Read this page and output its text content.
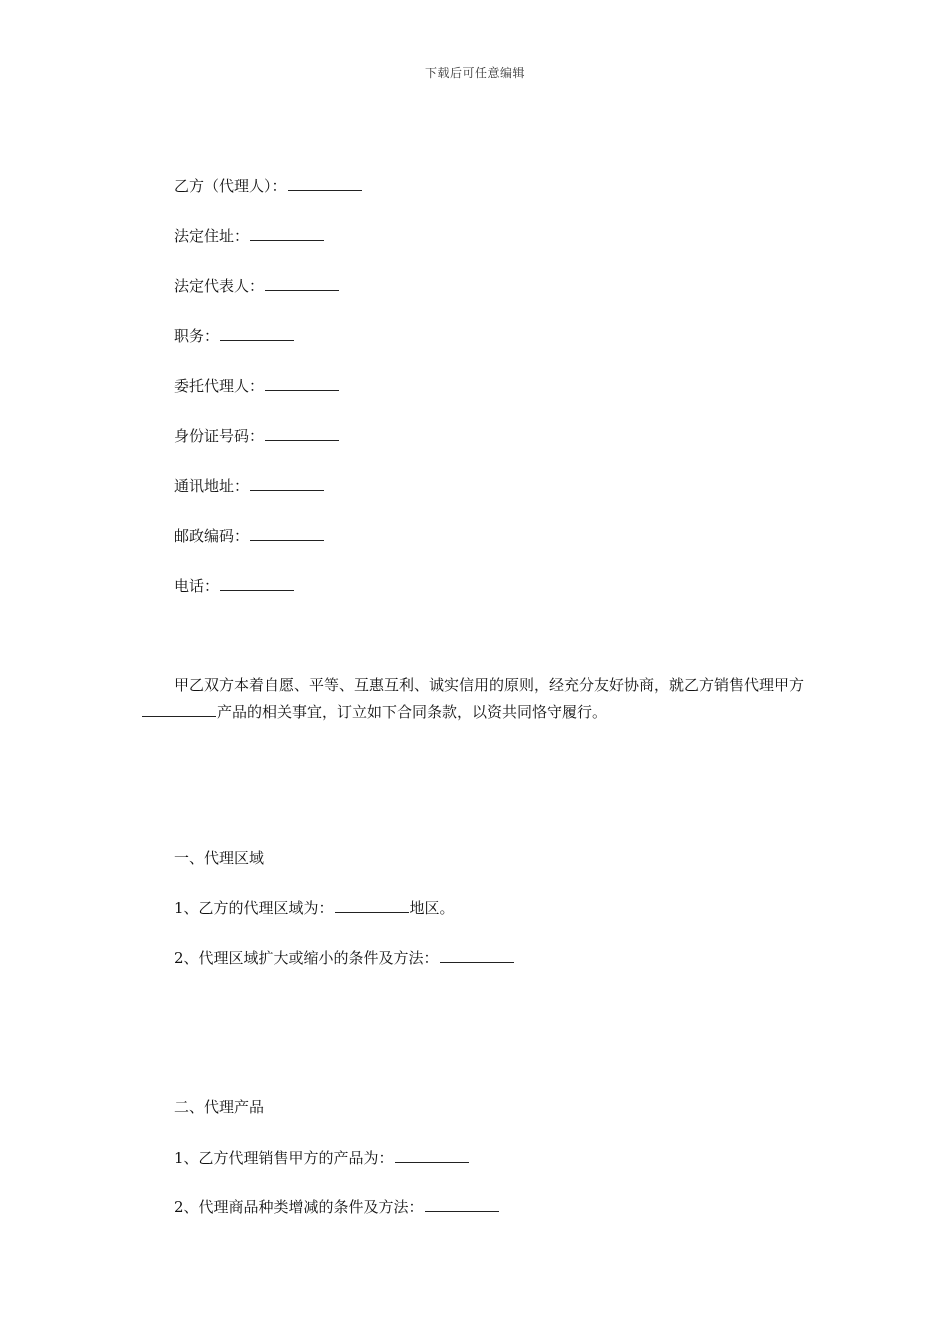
下载后可任意编辑
乙方（代理人）：
法定住址：
法定代表人：
职务：
委托代理人：
身份证号码：
通讯地址：
邮政编码：
电话：
甲乙双方本着自愿、平等、互惠互利、诚实信用的原则，经充分友好协商，就乙方销售代理甲方产品的相关事宜，订立如下合同条款，以资共同恪守履行。
一、代理区域
1、乙方的代理区域为：	地区。
2、代理区域扩大或缩小的条件及方法：
二、代理产品
1、乙方代理销售甲方的产品为：
2、代理商品种类增减的条件及方法：
